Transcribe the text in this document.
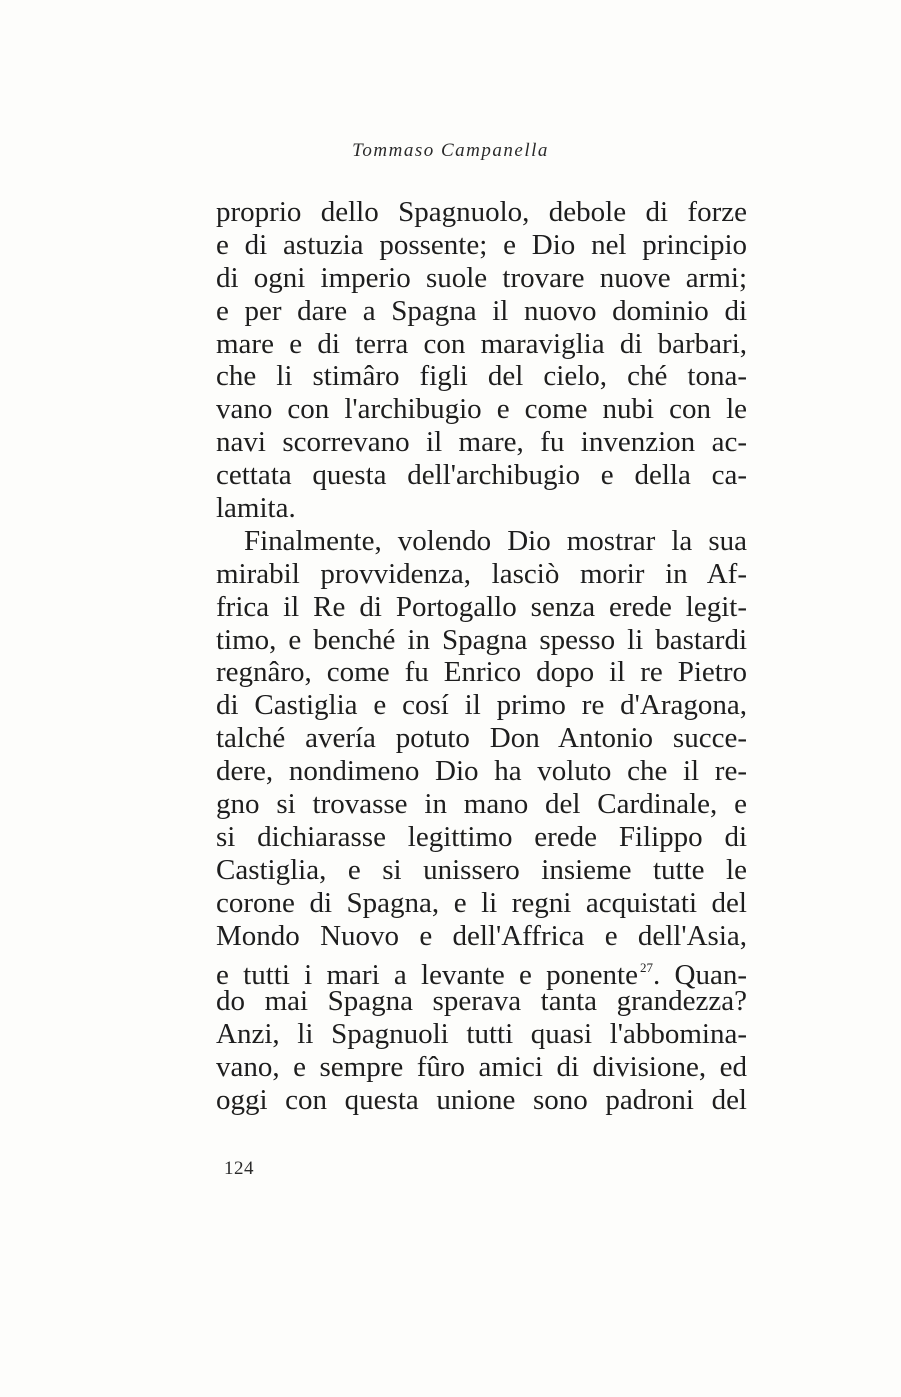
Tommaso Campanella
proprio dello Spagnuolo, debole di forze
e di astuzia possente; e Dio nel principio
di ogni imperio suole trovare nuove armi;
e per dare a Spagna il nuovo dominio di
mare e di terra con maraviglia di barbari,
che li stimâro figli del cielo, ché tona-
vano con l'archibugio e come nubi con le
navi scorrevano il mare, fu invenzion ac-
cettata questa dell'archibugio e della ca-
lamita.
Finalmente, volendo Dio mostrar la sua
mirabil provvidenza, lasciò morir in Af-
frica il Re di Portogallo senza erede legit-
timo, e benché in Spagna spesso li bastardi
regnâro, come fu Enrico dopo il re Pietro
di Castiglia e cosí il primo re d'Aragona,
talché avería potuto Don Antonio succe-
dere, nondimeno Dio ha voluto che il re-
gno si trovasse in mano del Cardinale, e
si dichiarasse legittimo erede Filippo di
Castiglia, e si unissero insieme tutte le
corone di Spagna, e li regni acquistati del
Mondo Nuovo e dell'Affrica e dell'Asia,
e tutti i mari a levante e ponente $^{27}$. Quan-
do mai Spagna sperava tanta grandezza?
Anzi, li Spagnuoli tutti quasi l'abbomina-
vano, e sempre fûro amici di divisione, ed
oggi con questa unione sono padroni del
124
